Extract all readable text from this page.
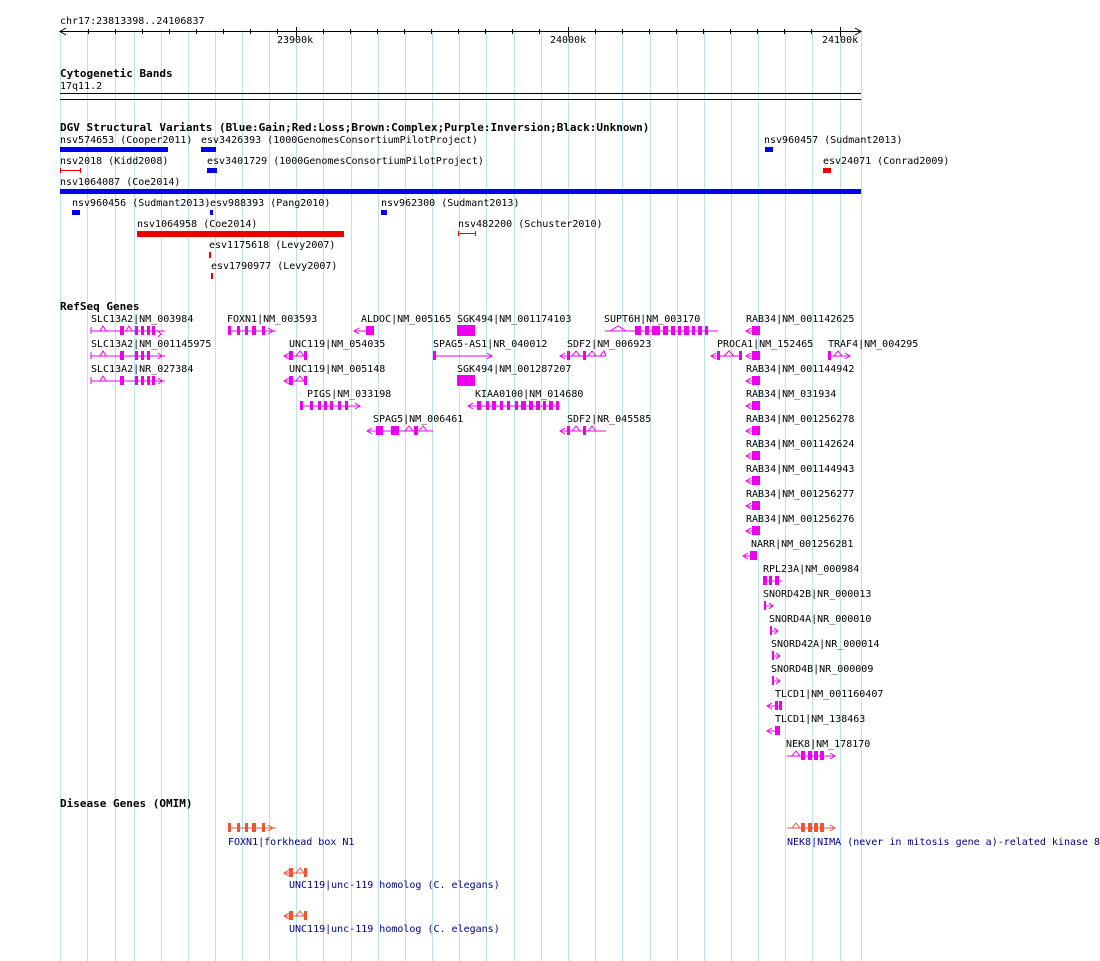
chr17:23813398..24106837
23900k	24000k	24100k
Cytogenetic Bands
17q11.2
DGV Structural Variants (Blue:Gain;Red:Loss;Brown:Complex;Purple:Inversion;Black:Unknown)
nsv574653 (Cooper2011) esv3426393 (1000GenomesConsortiumPilotProject)	nsv960457 (Sudmant2013)
nsv2018 (Kidd2008)	esv3401729 (1000GenomesConsortiumPilotProject)	esv24071 (Conrad2009)
nsv1064087 (Coe2014)
nsv960456 (Sudmant2013) esv988393 (Pang2010)	nsv962300 (Sudmant2013)
nsv1064958 (Coe2014)	nsv482200 (Schuster2010)
esv1175618 (Levy2007)
esv1790977 (Levy2007)
RefSeq Genes
SLC13A2|NM_003984	FOXN1|NM_003593	ALDOC|NM_005165 SGK494|NM_001174103	SUPT6H|NM_003170	RAB34|NM_001142625
SLC13A2|NM_001145975	UNC119|NM_054035	SPAG5-AS1|NR_040012 SDF2|NM_006923	PROCA1|NM_152465 TRAF4|NM_004295
SLC13A2|NR_027384	UNC119|NM_005148	SGK494|NM_001287207	RAB34|NM_001144942
PIGS|NM_033198	KIAA0100|NM_014680	RAB34|NM_031934
SPAG5|NM_006461	SDF2|NR_045585	RAB34|NM_001256278
RAB34|NM_001142624
RAB34|NM_001144943
RAB34|NM_001256277
RAB34|NM_001256276
NARR|NM_001256281
RPL23A|NM_000984
SNORD42B|NR_000013
SNORD4A|NR_000010
SNORD42A|NR_000014
SNORD4B|NR_000009
TLCD1|NM_001160407
TLCD1|NM_138463
NEK8|NM_178170
Disease Genes (OMIM)
FOXN1|forkhead box N1	NEK8|NIMA (never in mitosis gene a)-related kinase 8
UNC119|unc-119 homolog (C. elegans)
UNC119|unc-119 homolog (C. elegans)
